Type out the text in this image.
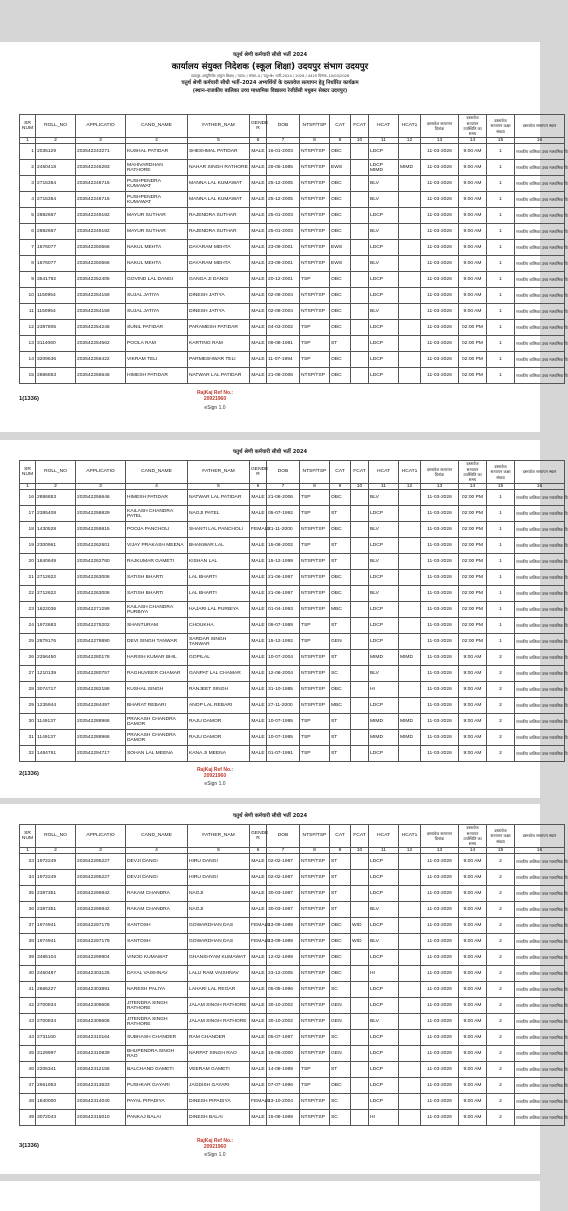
चतुर्थ श्रेणी कर्मचारी सीधी भर्ती 2024
कार्यालय संयुक्त निदेशक (स्कूल शिक्षा) उदयपुर संभाग उदयपुर
उदयपुर–आयुविनोद (स्कूल शिक्षा) / उदय० / संस्था–4 / चतु०श्रे० भर्ती–2024 / 2026 / 4425 दिनांक–10/03/2026
चतुर्थ श्रेणी कर्मचारी सीधी भर्ती–2024 अभ्यर्थियों के दस्तावेज सत्यापन हेतु निर्धारित कार्यक्रम
(स्थान–राजकीय बालिका उच्च माध्यमिक विद्यालय रेजीडेंसी मधुबन सेक्टर उदयपुर)
SR NUM	ROLL_NO	APPLICATIO	CAND_NAME	FATHER_NAM	GENDE R	DOB	NTSP/TSP	CAT	FCAT	HCAT	HCAT1	दस्तावेज सत्यापन दिनांक	दस्तावेज सत्यापन उपस्थिति का समय	दस्तावेज सत्यापन कक्षा संख्या	दस्तावेज सत्यापन स्थान
1	2	3	4	5	6	7	8	9	10	11	12	13	14	15	16
1	2035129	202542243271	KUSHAL PATIDAR	SHESHMAL PATIDAR	MALE	16-01-2003	NTSP/TSP	OBC		LDCP		11-03-2026	9:00 AM	1	राजकीय बालिका उच्च माध्यमिक वि
2	2450418	202542246283	MAHIVARDHAN RATHORE	NAHAR SINGH RATHORE	MALE	28-05-1985	NTSP/TSP	EWS		LDCP MIMD	MIMD	11-03-2026	9:00 AM	1	राजकीय बालिका उच्च माध्यमिक वि
3	2715354	202542246716	PUSHPENDRA KUMAWAT	MANNA LAL KUMAWAT	MALE	25-12-2005	NTSP/TSP	OBC		BLV		11-03-2026	9:00 AM	1	राजकीय बालिका उच्च माध्यमिक वि
4	2715354	202542246716	PUSHPENDRA KUMAWAT	MANNA LAL KUMAWAT	MALE	25-12-2005	NTSP/TSP	OBC		BLV		11-03-2026	9:00 AM	1	राजकीय बालिका उच्च माध्यमिक वि
5	2882667	202542249182	MAYUR SUTHAR	RAJENDRA SUTHAR	MALE	25-01-2003	NTSP/TSP	OBC		LDCP		11-03-2026	9:00 AM	1	राजकीय बालिका उच्च माध्यमिक वि
6	2882667	202542249182	MAYUR SUTHAR	RAJENDRA SUTHAR	MALE	25-01-2003	NTSP/TSP	OBC		BLV		11-03-2026	9:00 AM	1	राजकीय बालिका उच्च माध्यमिक वि
7	1876077	202542250566	NAKUL MEHTA	DAYARAM MEHTA	MALE	23-09-2001	NTSP/TSP	EWS		LDCP		11-03-2026	9:00 AM	1	राजकीय बालिका उच्च माध्यमिक वि
8	1876077	202542250566	NAKUL MEHTA	DAYARAM MEHTA	MALE	23-09-2001	NTSP/TSP	EWS		BLV		11-03-2026	9:00 AM	1	राजकीय बालिका उच्च माध्यमिक वि
9	3541792	202542252405	GOVIND LAL DANGI	GANGA JI DANGI	MALE	20-12-2001	TSP	OBC		LDCP		11-03-2026	9:00 AM	1	राजकीय बालिका उच्च माध्यमिक वि
10	1150954	202542254159	SUJAL JATIYA	DINESH JATIYA	MALE	02-08-2004	NTSP/TSP	OBC		LDCP		11-03-2026	9:00 AM	1	राजकीय बालिका उच्च माध्यमिक वि
11	1150954	202542254159	SUJAL JATIYA	DINESH JATIYA	MALE	02-08-2004	NTSP/TSP	OBC		BLV		11-03-2026	9:00 AM	1	राजकीय बालिका उच्च माध्यमिक वि
12	2387805	202542254246	SUNIL PATIDAR	PARAMESH PATIDAR	MALE	04-03-2002	TSP	OBC		LDCP		11-03-2026	02:00 PM	1	राजकीय बालिका उच्च माध्यमिक वि
13	3114060	202542254562	POOLA RAM	KARTING RAM	MALE	09-08-1991	TSP	ST		LDCP		11-03-2026	02:00 PM	1	राजकीय बालिका उच्च माध्यमिक वि
14	3209536	202542256422	VIKRAM TELI	PARMESHWAR TELI	MALE	11-07-1994	TSP	OBC		LDCP		11-03-2026	02:00 PM	1	राजकीय बालिका उच्च माध्यमिक वि
15	2886853	202542256646	HIMESH PATIDAR	NATWAR LAL PATIDAR	MALE	21-08-2006	NTSP/TSP	OBC		LDCP		11-03-2026	02:00 PM	1	राजकीय बालिका उच्च माध्यमिक वि
1(1336)
RajKaj Ref No.:
20921960
eSign 1.0
चतुर्थ श्रेणी कर्मचारी सीधी भर्ती 2024
SR NUM	ROLL_NO	APPLICATIO	CAND_NAME	FATHER_NAM	GENDE R	DOB	NTSP/TSP	CAT	FCAT	HCAT	HCAT1	दस्तावेज सत्यापन दिनांक	दस्तावेज सत्यापन उपस्थिति का समय	दस्तावेज सत्यापन कक्षा संख्या	दस्तावेज सत्यापन स्थान
1	2	3	4	5	6	7	8	9	10	11	12	13	14	15	16
16	2886853	202542256646	HIMESH PATIDAR	NATWAR LAL PATIDAR	MALE	21-08-2006	TSP	OBC		BLV		11-03-2026	02:00 PM	1	राजकीय बालिका उच्च माध्यमिक वि
17	2385408	202542258829	KAILASH CHANDRA PATEL	NAGJI PATEL	MALE	05-07-1992	TSP	ST		LDCP		11-03-2026	02:00 PM	1	राजकीय बालिका उच्च माध्यमिक वि
18	1430528	202542259815	POOJA PANCHOLI	SHANTI LAL PANCHOLI	FEMALE	21-11-2000	NTSP/TSP	OBC		BLV		11-03-2026	02:00 PM	1	राजकीय बालिका उच्च माध्यमिक वि
19	2300961	202542262601	VIJAY PRAKASH MEENA	BHANWAR LAL	MALE	15-08-2002	TSP	ST		LDCP		11-03-2026	02:00 PM	1	राजकीय बालिका उच्च माध्यमिक वि
20	1840649	202542262760	RAJKUMAR GAMETI	KISHAN LAL	MALE	15-12-1999	NTSP/TSP	ST		BLV		11-03-2026	02:00 PM	1	राजकीय बालिका उच्च माध्यमिक वि
21	2712622	202542263006	SATISH BHARTI	LAL BHARTI	MALE	21-06-1997	NTSP/TSP	OBC		LDCP		11-03-2026	02:00 PM	1	राजकीय बालिका उच्च माध्यमिक वि
22	2712622	202542263006	SATISH BHARTI	LAL BHARTI	MALE	21-06-1997	NTSP/TSP	OBC		BLV		11-03-2026	02:00 PM	1	राजकीय बालिका उच्च माध्यमिक वि
23	1622036	202542271299	KAILASH CHANDRA PURBIYA	HAJARI LAL PURBIYA	MALE	01-04-1993	NTSP/TSP	MBC		LDCP		11-03-2026	02:00 PM	1	राजकीय बालिका उच्च माध्यमिक वि
24	1972683	202542275202	SHANTURAM	CHOUKHA	MALE	09-07-1989	TSP	ST		LDCP		11-03-2026	02:00 PM	1	राजकीय बालिका उच्च माध्यमिक वि
25	2879176	202542279890	DEVI SINGH TANWAR	SARDAR SINGH TANWAR	MALE	15-12-1992	TSP	GEN		LDCP		11-03-2026	02:00 PM	1	राजकीय बालिका उच्च माध्यमिक वि
26	2256450	202542280178	HARISH KUMAR BHIL	GOPILAL	MALE	10-07-2004	NTSP/TSP	ST		MIMD	MIMD	11-03-2026	9:00 AM	2	राजकीय बालिका उच्च माध्यमिक वि
27	1210139	202542280757	RAGHUVEER CHAMAR	GANPAT LAL CHAMAR	MALE	12-08-2004	NTSP/TSP	SC		BLV		11-03-2026	9:00 AM	2	राजकीय बालिका उच्च माध्यमिक वि
28	3074717	202542282186	KUSHAL SINGH	RANJEET SINGH	MALE	31-10-1985	NTSP/TSP	OBC		HI		11-03-2026	9:00 AM	2	राजकीय बालिका उच्च माध्यमिक वि
29	1235944	202542284497	BHARAT REBARI	ANOP LAL REBARI	MALE	27-11-2000	NTSP/TSP	MBC		LDCP		11-03-2026	9:00 AM	2	राजकीय बालिका उच्च माध्यमिक वि
30	1149137	202542288966	PRAKASH CHANDRA DAMOR	RAJU DAMOR	MALE	10-07-1995	TSP	ST		MIMD	MIMD	11-03-2026	9:00 AM	2	राजकीय बालिका उच्च माध्यमिक वि
31	1149137	202542288966	PRAKASH CHANDRA DAMOR	RAJU DAMOR	MALE	10-07-1995	TSP	ST		MIMD	MIMD	11-03-2026	9:00 AM	2	राजकीय बालिका उच्च माध्यमिक वि
32	1484761	202542294717	SOHAN LAL MEENA	KANA JI MEENA	MALE	01-07-1991	TSP	ST		LDCP		11-03-2026	9:00 AM	2	राजकीय बालिका उच्च माध्यमिक वि
2(1336)
RajKaj Ref No.:
20921960
eSign 1.0
चतुर्थ श्रेणी कर्मचारी सीधी भर्ती 2024
SR NUM	ROLL_NO	APPLICATIO	CAND_NAME	FATHER_NAM	GENDE R	DOB	NTSP/TSP	CAT	FCAT	HCAT	HCAT1	दस्तावेज सत्यापन दिनांक	दस्तावेज सत्यापन उपस्थिति का समय	दस्तावेज सत्यापन कक्षा संख्या	दस्तावेज सत्यापन स्थान
1	2	3	4	5	6	7	8	9	10	11	12	13	14	15	16
33	1972249	202542295227	DEVJI DANGI	HIRU DANGI	MALE	02-02-1987	NTSP/TSP	ST		LDCP		11-03-2026	9:00 AM	2	राजकीय बालिका उच्च माध्यमिक वि
34	1972249	202542295227	DEVJI DANGI	HIRU DANGI	MALE	02-02-1987	NTSP/TSP	ST		LDCP		11-03-2026	9:00 AM	2	राजकीय बालिका उच्च माध्यमिक वि
35	2387351	202542296842	RAKAM CHANDRA	NAGJI	MALE	30-03-1997	NTSP/TSP	ST		LDCP		11-03-2026	9:00 AM	2	राजकीय बालिका उच्च माध्यमिक वि
36	2387351	202542296842	RAKAM CHANDRA	NAGJI	MALE	30-03-1997	NTSP/TSP	ST		BLV		11-03-2026	9:00 AM	2	राजकीय बालिका उच्च माध्यमिक वि
37	1974941	202542297179	SANTOSH	GOWARDHAN DAS	FEMALE	13-09-1989	NTSP/TSP	OBC	WID	LDCP		11-03-2026	9:00 AM	2	राजकीय बालिका उच्च माध्यमिक वि
38	1974941	202542297179	SANTOSH	GOWARDHAN DAS	FEMALE	13-09-1989	NTSP/TSP	OBC	WID	BLV		11-03-2026	9:00 AM	2	राजकीय बालिका उच्च माध्यमिक वि
39	3485104	202542299904	VINOD KUMAWAT	GHANSHYAM KUMAWAT	MALE	12-02-1999	NTSP/TSP	OBC		LDCP		11-03-2026	9:00 AM	2	राजकीय बालिका उच्च माध्यमिक वि
40	2450487	202542303125	DAYAL VAISHNAV	LALU RAM VAISHNAV	MALE	23-12-2005	NTSP/TSP	OBC		HI		11-03-2026	9:00 AM	2	राजकीय बालिका उच्च माध्यमिक वि
41	2665227	202542303891	NARESH PALIYA	LAHARI LAL REGAR	MALE	05-05-1996	NTSP/TSP	SC		LDCP		11-03-2026	9:00 AM	2	राजकीय बालिका उच्च माध्यमिक वि
42	2700834	202542309606	JITENDRA SINGH RATHORE	JALAM SINGH RATHORE	MALE	30-10-2002	NTSP/TSP	GEN		LDCP		11-03-2026	9:00 AM	2	राजकीय बालिका उच्च माध्यमिक वि
43	2700834	202542309606	JITENDRA SINGH RATHORE	JALAM SINGH RATHORE	MALE	30-10-2002	NTSP/TSP	GEN		BLV		11-03-2026	9:00 AM	2	राजकीय बालिका उच्च माध्यमिक वि
44	2731160	202542310164	SUBHASH CHANDER	RAM CHANDER	MALE	05-07-1997	NTSP/TSP	SC		LDCP		11-03-2026	9:00 AM	2	राजकीय बालिका उच्च माध्यमिक वि
45	3129997	202542310839	BHUPENDRA SINGH RAO	NARPAT SINGH RAO	MALE	16-06-2000	NTSP/TSP	GEN		LDCP		11-03-2026	9:00 AM	2	राजकीय बालिका उच्च माध्यमिक वि
46	2205341	202542312158	BALCHAND GAMETI	VEERAM GAMETI	MALE	14-08-1989	TSP	ST		LDCP		11-03-2026	9:00 AM	2	राजकीय बालिका उच्च माध्यमिक वि
47	2661953	202542313633	PUSHKAR GAYARI	JAGDISH GAYARI	MALE	07-07-1996	TSP	OBC		LDCP		11-03-2026	9:00 AM	2	राजकीय बालिका उच्च माध्यमिक वि
48	1840000	202542314040	PAYAL PIPADIYA	DINESH PIPADIYA	FEMALE	13-10-2004	NTSP/TSP	SC		LDCP		11-03-2026	9:00 AM	2	राजकीय बालिका उच्च माध्यमिक वि
49	3072043	202542315010	PANKAJ BALAI	DINESH BALAI	MALE	15-08-1999	NTSP/TSP	SC		HI		11-03-2026	9:00 AM	2	राजकीय बालिका उच्च माध्यमिक वि
3(1336)
RajKaj Ref No.:
20921960
eSign 1.0
